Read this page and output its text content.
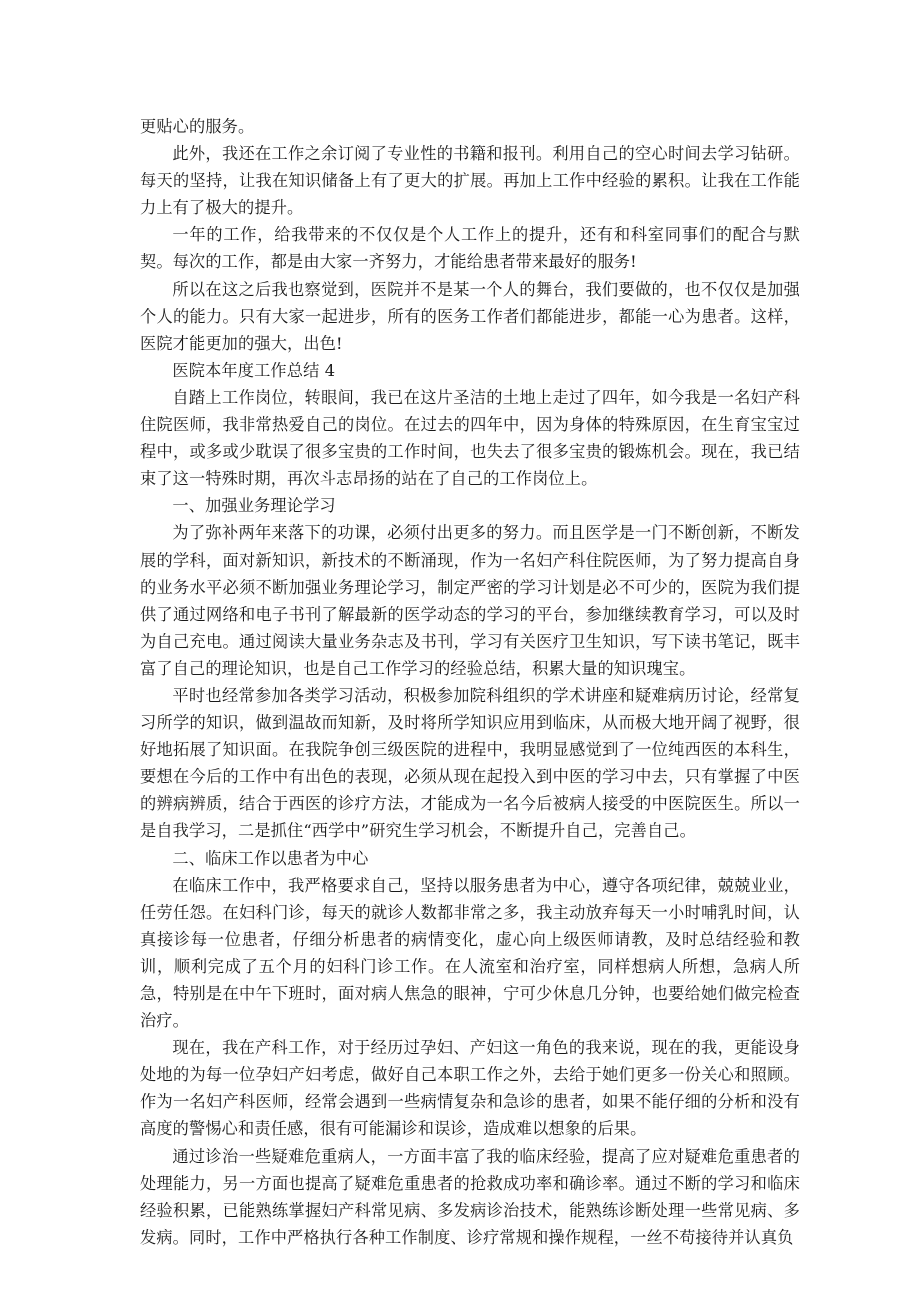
更贴心的服务。

此外，我还在工作之余订阅了专业性的书籍和报刊。利用自己的空心时间去学习钻研。每天的坚持，让我在知识储备上有了更大的扩展。再加上工作中经验的累积。让我在工作能力上有了极大的提升。

一年的工作，给我带来的不仅仅是个人工作上的提升，还有和科室同事们的配合与默契。每次的工作，都是由大家一齐努力，才能给患者带来最好的服务!

所以在这之后我也察觉到，医院并不是某一个人的舞台，我们要做的，也不仅仅是加强个人的能力。只有大家一起进步，所有的医务工作者们都能进步，都能一心为患者。这样，医院才能更加的强大，出色!

医院本年度工作总结 4

自踏上工作岗位，转眼间，我已在这片圣洁的土地上走过了四年，如今我是一名妇产科住院医师，我非常热爱自己的岗位。在过去的四年中，因为身体的特殊原因，在生育宝宝过程中，或多或少耽误了很多宝贵的工作时间，也失去了很多宝贵的锻炼机会。现在，我已结束了这一特殊时期，再次斗志昂扬的站在了自己的工作岗位上。

一、加强业务理论学习

为了弥补两年来落下的功课，必须付出更多的努力。而且医学是一门不断创新，不断发展的学科，面对新知识，新技术的不断涌现，作为一名妇产科住院医师，为了努力提高自身的业务水平必须不断加强业务理论学习，制定严密的学习计划是必不可少的，医院为我们提供了通过网络和电子书刊了解最新的医学动态的学习的平台，参加继续教育学习，可以及时为自己充电。通过阅读大量业务杂志及书刊，学习有关医疗卫生知识，写下读书笔记，既丰富了自己的理论知识，也是自己工作学习的经验总结，积累大量的知识瑰宝。

平时也经常参加各类学习活动，积极参加院科组织的学术讲座和疑难病历讨论，经常复习所学的知识，做到温故而知新，及时将所学知识应用到临床，从而极大地开阔了视野，很好地拓展了知识面。在我院争创三级医院的进程中，我明显感觉到了一位纯西医的本科生，要想在今后的工作中有出色的表现，必须从现在起投入到中医的学习中去，只有掌握了中医的辨病辨质，结合于西医的诊疗方法，才能成为一名今后被病人接受的中医院医生。所以一是自我学习，二是抓住“西学中”研究生学习机会，不断提升自己，完善自己。

二、临床工作以患者为中心

在临床工作中，我严格要求自己，坚持以服务患者为中心，遵守各项纪律，兢兢业业，任劳任怨。在妇科门诊，每天的就诊人数都非常之多，我主动放弃每天一小时哺乳时间，认真接诊每一位患者，仔细分析患者的病情变化，虚心向上级医师请教，及时总结经验和教训，顺利完成了五个月的妇科门诊工作。在人流室和治疗室，同样想病人所想，急病人所急，特别是在中午下班时，面对病人焦急的眼神，宁可少休息几分钟，也要给她们做完检查治疗。

现在，我在产科工作，对于经历过孕妇、产妇这一角色的我来说，现在的我，更能设身处地的为每一位孕妇产妇考虑，做好自己本职工作之外，去给于她们更多一份关心和照顾。作为一名妇产科医师，经常会遇到一些病情复杂和急诊的患者，如果不能仔细的分析和没有高度的警惕心和责任感，很有可能漏诊和误诊，造成难以想象的后果。

通过诊治一些疑难危重病人，一方面丰富了我的临床经验，提高了应对疑难危重患者的处理能力，另一方面也提高了疑难危重患者的抢救成功率和确诊率。通过不断的学习和临床经验积累，已能熟练掌握妇产科常见病、多发病诊治技术，能熟练诊断处理一些常见病、多发病。同时，工作中严格执行各种工作制度、诊疗常规和操作规程，一丝不苟接待并认真负
